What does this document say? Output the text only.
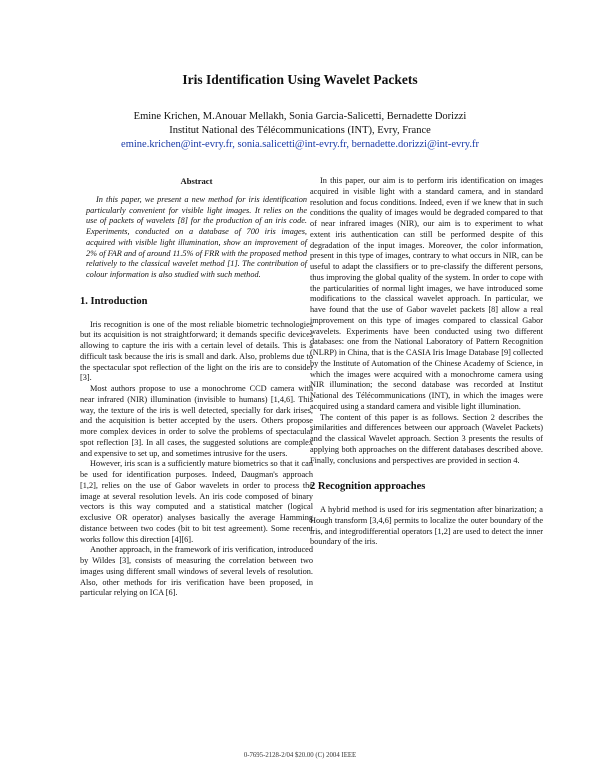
Iris Identification Using Wavelet Packets
Emine Krichen, M.Anouar Mellakh, Sonia Garcia-Salicetti, Bernadette Dorizzi
Institut National des Télécommunications (INT), Evry, France
emine.krichen@int-evry.fr, sonia.salicetti@int-evry.fr, bernadette.dorizzi@int-evry.fr
Abstract
In this paper, we present a new method for iris identification particularly convenient for visible light images. It relies on the use of packets of wavelets [8] for the production of an iris code. Experiments, conducted on a database of 700 iris images, acquired with visible light illumination, show an improvement of 2% of FAR and of around 11.5% of FRR with the proposed method relatively to the classical wavelet method [1]. The contribution of colour information is also studied with such method.
1. Introduction

Iris recognition is one of the most reliable biometric technologies but its acquisition is not straightforward; it demands specific devices allowing to capture the iris with a certain level of details. This is a difficult task because the iris is small and dark. Also, problems due to the spectacular spot reflection of the light on the iris are to consider [3].

Most authors propose to use a monochrome CCD camera with near infrared (NIR) illumination (invisible to humans) [1,4,6]. This way, the texture of the iris is well detected, specially for dark irises, and the acquisition is better accepted by the users. Others propose more complex devices in order to solve the problems of spectacular spot reflection [3]. In all cases, the suggested solutions are complex and expensive to set up, and sometimes intrusive for the users.

However, iris scan is a sufficiently mature biometrics so that it can be used for identification purposes. Indeed, Daugman's approach [1,2], relies on the use of Gabor wavelets in order to process the image at several resolution levels. An iris code composed of binary vectors is this way computed and a statistical matcher (logical exclusive OR operator) analyses basically the average Hamming distance between two codes (bit to bit test agreement). Some recent works follow this direction [4][6].

Another approach, in the framework of iris verification, introduced by Wildes [3], consists of measuring the correlation between two images using different small windows of several levels of resolution. Also, other methods for iris verification have been proposed, in particular relying on ICA [6].

In this paper, our aim is to perform iris identification on images acquired in visible light with a standard camera, and in standard resolution and focus conditions. Indeed, even if we knew that in such conditions the quality of images would be degraded compared to that of near infrared images (NIR), our aim is to experiment to what extent iris authentication can still be performed despite of this degradation of the input images. Moreover, the color information, present in this type of images, contrary to what occurs in NIR, can be useful to adapt the classifiers or to pre-classify the different persons, thus improving the global quality of the system. In order to cope with the particularities of normal light images, we have introduced some modifications to the classical wavelet approach. In particular, we have found that the use of Gabor wavelet packets [8] allow a real improvement on this type of images compared to classical Gabor wavelets. Experiments have been conducted using two different databases: one from the National Laboratory of Pattern Recognition (NLRP) in China, that is the CASIA Iris Image Database [9] collected by the Institute of Automation of the Chinese Academy of Science, in which the images were acquired with a monochrome camera using NIR illumination; the second database was recorded at Institut National des Télécommunications (INT), in which the images were acquired using a standard camera and visible light illumination.

The content of this paper is as follows. Section 2 describes the similarities and differences between our approach (Wavelet Packets) and the classical Wavelet approach. Section 3 presents the results of applying both approaches on the different databases described above. Finally, conclusions and perspectives are provided in section 4.

2 Recognition approaches

A hybrid method is used for iris segmentation after binarization; a Hough transform [3,4,6] permits to localize the outer boundary of the iris, and integrodifferential operators [1,2] are used to detect the inner boundary of the iris.

0-7695-2128-2/04 $20.00 (C) 2004 IEEE
